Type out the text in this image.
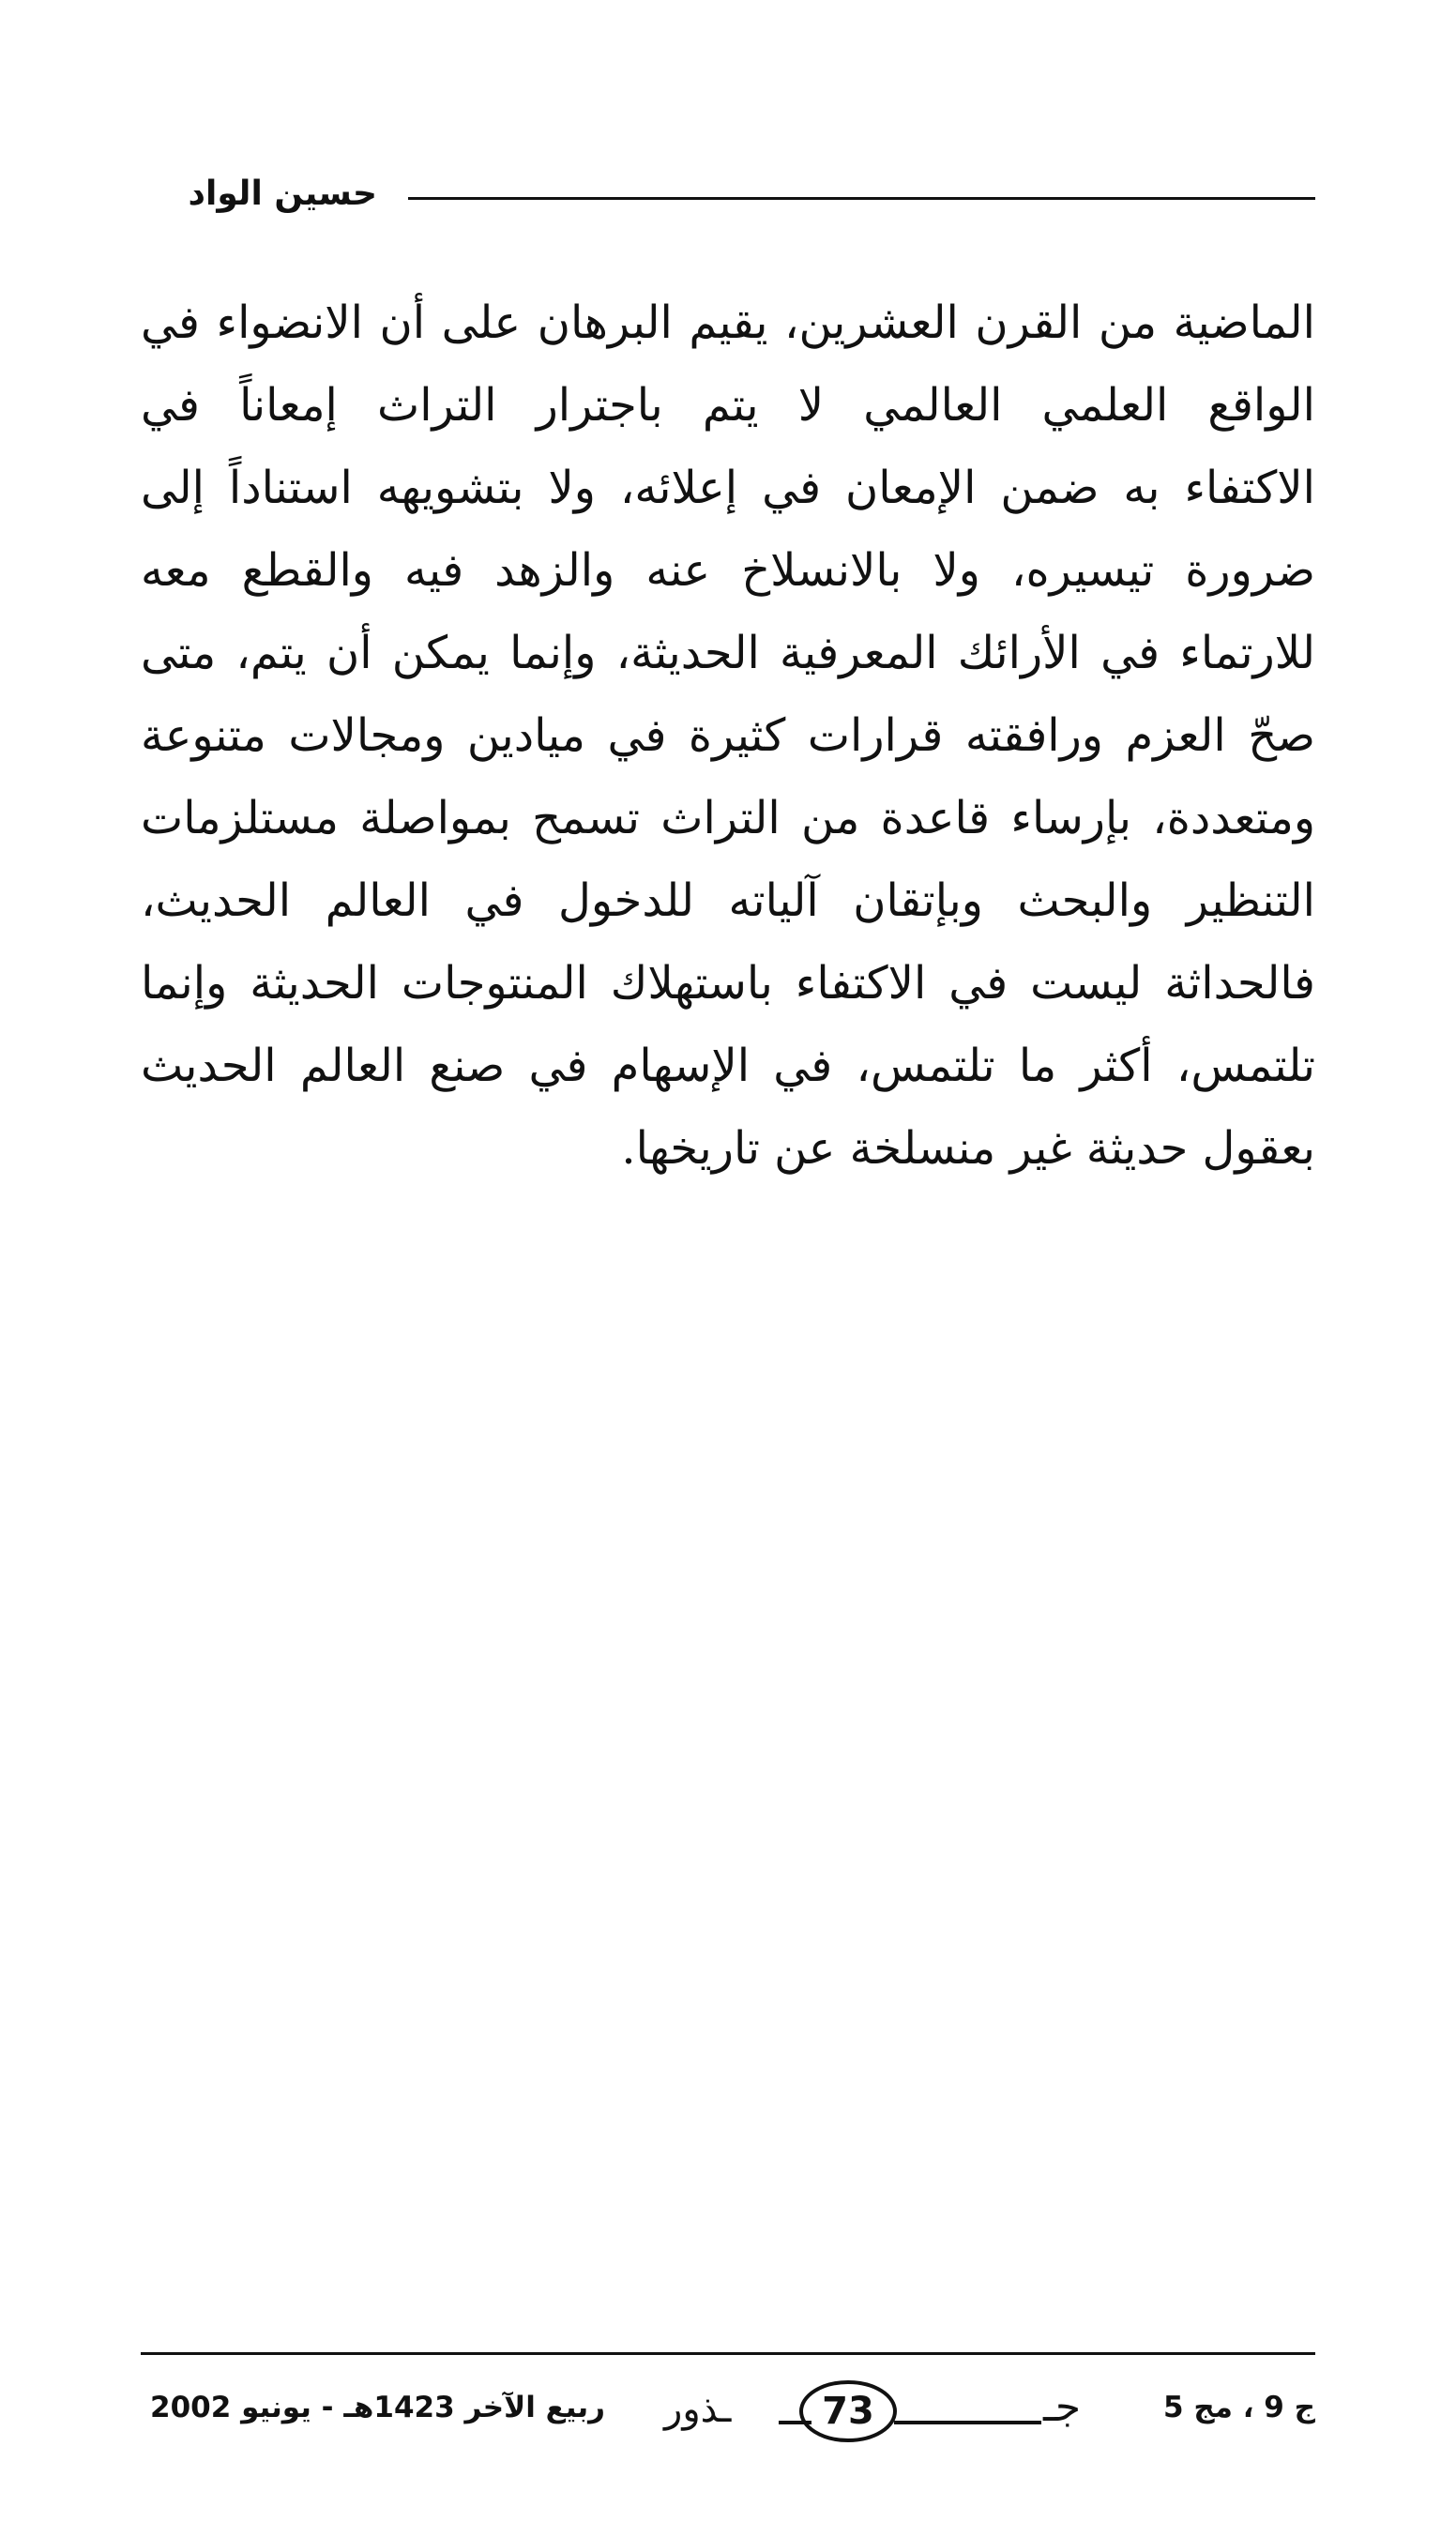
حسين الواد
الماضية من القرن العشرين، يقيم البرهان على أن الانضواء في
الواقع العلمي العالمي لا يتم باجترار التراث إمعاناً في
الاكتفاء به ضمن الإمعان في إعلائه، ولا بتشويهه استناداً إلى
ضرورة تيسيره، ولا بالانسلاخ عنه والزهد فيه والقطع معه
للارتماء في الأرائك المعرفية الحديثة، وإنما يمكن أن يتم، متى
صحّ العزم ورافقته قرارات كثيرة في ميادين ومجالات متنوعة
ومتعددة، بإرساء قاعدة من التراث تسمح بمواصلة مستلزمات
التنظير والبحث وبإتقان آلياته للدخول في العالم الحديث،
فالحداثة ليست في الاكتفاء باستهلاك المنتوجات الحديثة وإنما
تلتمس، أكثر ما تلتمس، في الإسهام في صنع العالم الحديث
بعقول حديثة غير منسلخة عن تاريخها.
ربيع الآخر 1423هـ - يونيو 2002 ـذور	73	جـ	ج 9 ، مج 5
